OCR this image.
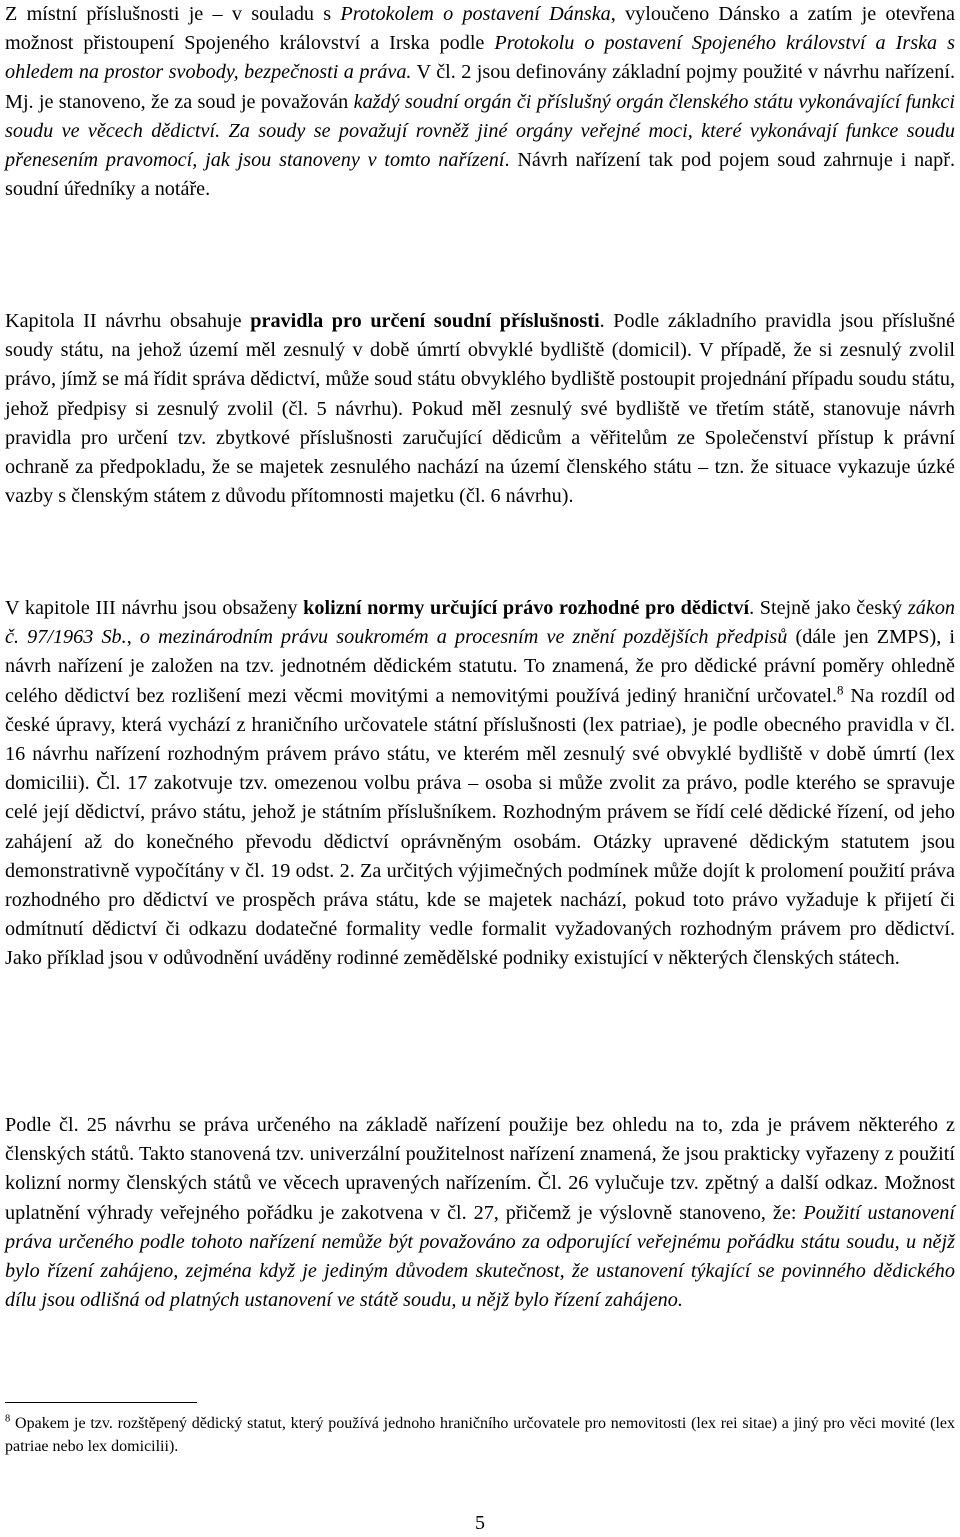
Z místní příslušnosti je – v souladu s Protokolem o postavení Dánska, vyloučeno Dánsko a zatím je otevřena možnost přistoupení Spojeného království a Irska podle Protokolu o postavení Spojeného království a Irska s ohledem na prostor svobody, bezpečnosti a práva. V čl. 2 jsou definovány základní pojmy použité v návrhu nařízení. Mj. je stanoveno, že za soud je považován každý soudní orgán či příslušný orgán členského státu vykonávající funkci soudu ve věcech dědictví. Za soudy se považují rovněž jiné orgány veřejné moci, které vykonávají funkce soudu přenesením pravomocí, jak jsou stanoveny v tomto nařízení. Návrh nařízení tak pod pojem soud zahrnuje i např. soudní úředníky a notáře.

Kapitola II návrhu obsahuje pravidla pro určení soudní příslušnosti. Podle základního pravidla jsou příslušné soudy státu, na jehož území měl zesnulý v době úmrtí obvyklé bydliště (domicil). V případě, že si zesnulý zvolil právo, jímž se má řídit správa dědictví, může soud státu obvyklého bydliště postoupit projednání případu soudu státu, jehož předpisy si zesnulý zvolil (čl. 5 návrhu). Pokud měl zesnulý své bydliště ve třetím státě, stanovuje návrh pravidla pro určení tzv. zbytkové příslušnosti zaručující dědicům a věřitelům ze Společenství přístup k právní ochraně za předpokladu, že se majetek zesnulého nachází na území členského státu – tzn. že situace vykazuje úzké vazby s členským státem z důvodu přítomnosti majetku (čl. 6 návrhu).

V kapitole III návrhu jsou obsaženy kolizní normy určující právo rozhodné pro dědictví. Stejně jako český zákon č. 97/1963 Sb., o mezinárodním právu soukromém a procesním ve znění pozdějších předpisů (dále jen ZMPS), i návrh nařízení je založen na tzv. jednotném dědickém statutu. To znamená, že pro dědické právní poměry ohledně celého dědictví bez rozlišení mezi věcmi movitými a nemovitými používá jediný hraniční určovatel.$^8$ Na rozdíl od české úpravy, která vychází z hraničního určovatele státní příslušnosti (lex patriae), je podle obecného pravidla v čl. 16 návrhu nařízení rozhodným právem právo státu, ve kterém měl zesnulý své obvyklé bydliště v době úmrtí (lex domicilii). Čl. 17 zakotvuje tzv. omezenou volbu práva – osoba si může zvolit za právo, podle kterého se spravuje celé její dědictví, právo státu, jehož je státním příslušníkem. Rozhodným právem se řídí celé dědické řízení, od jeho zahájení až do konečného převodu dědictví oprávněným osobám. Otázky upravené dědickým statutem jsou demonstrativně vypočítány v čl. 19 odst. 2. Za určitých výjimečných podmínek může dojít k prolomení použití práva rozhodného pro dědictví ve prospěch práva státu, kde se majetek nachází, pokud toto právo vyžaduje k přijetí či odmítnutí dědictví či odkazu dodatečné formality vedle formalit vyžadovaných rozhodným právem pro dědictví. Jako příklad jsou v odůvodnění uváděny rodinné zemědělské podniky existující v některých členských státech.

Podle čl. 25 návrhu se práva určeného na základě nařízení použije bez ohledu na to, zda je právem některého z členských států. Takto stanovená tzv. univerzální použitelnost nařízení znamená, že jsou prakticky vyřazeny z použití kolizní normy členských států ve věcech upravených nařízením. Čl. 26 vylučuje tzv. zpětný a další odkaz. Možnost uplatnění výhrady veřejného pořádku je zakotvena v čl. 27, přičemž je výslovně stanoveno, že: Použití ustanovení práva určeného podle tohoto nařízení nemůže být považováno za odporující veřejnému pořádku státu soudu, u nějž bylo řízení zahájeno, zejména když je jediným důvodem skutečnost, že ustanovení týkající se povinného dědického dílu jsou odlišná od platných ustanovení ve státě soudu, u nějž bylo řízení zahájeno.

$^8$ Opakem je tzv. rozštěpený dědický statut, který používá jednoho hraničního určovatele pro nemovitosti (lex rei sitae) a jiný pro věci movité (lex patriae nebo lex domicilii).

5
